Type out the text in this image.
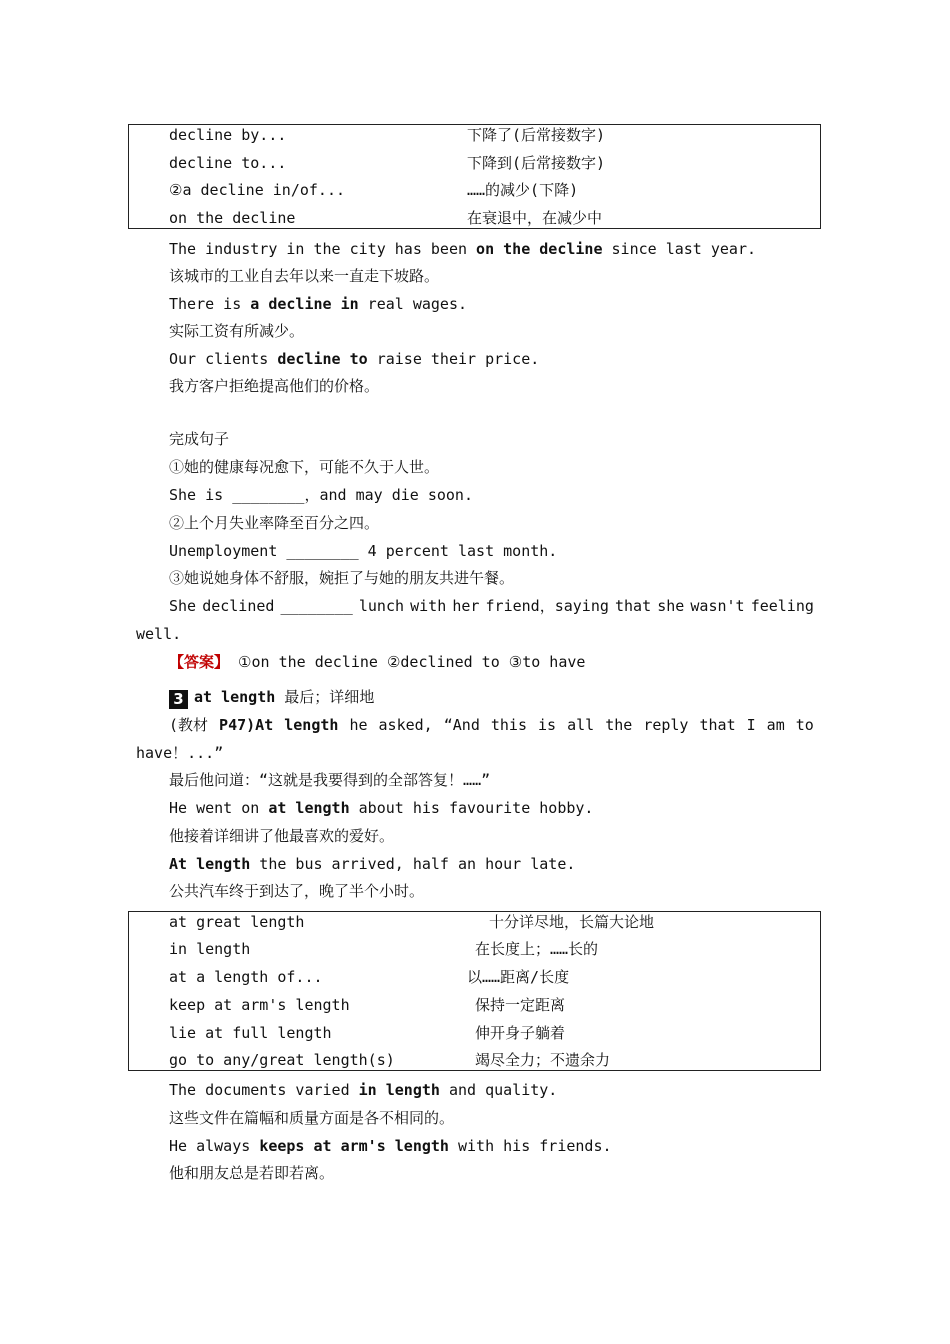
decline by...	下降了(后常接数字)
decline to...	下降到(后常接数字)
②a decline in/of...	……的减少(下降)
on the decline	在衰退中，在减少中
The industry in the city has been on the decline since last year.
该城市的工业自去年以来一直走下坡路。
There is a decline in real wages.
实际工资有所减少。
Our clients decline to raise their price.
我方客户拒绝提高他们的价格。
完成句子
①她的健康每况愈下，可能不久于人世。
She is ________，and may die soon.
②上个月失业率降至百分之四。
Unemployment ________ 4 percent last month.
③她说她身体不舒服，婉拒了与她的朋友共进午餐。
She declined ________ lunch with her friend，saying that she wasn't feeling
well.
【答案】 ①on the decline ②declined to ③to have
3 at length 最后；详细地
(教材 P47)At length he asked, “And this is all the reply that I am to
have！...”
最后他问道：“这就是我要得到的全部答复！……”
He went on at length about his favourite hobby.
他接着详细讲了他最喜欢的爱好。
At length the bus arrived, half an hour late.
公共汽车终于到达了，晚了半个小时。
at great length	十分详尽地，长篇大论地
in length	在长度上；……长的
at a length of...	以……距离/长度
keep at arm's length	保持一定距离
lie at full length	伸开身子躺着
go to any/great length(s)	竭尽全力；不遗余力
The documents varied in length and quality.
这些文件在篇幅和质量方面是各不相同的。
He always keeps at arm's length with his friends.
他和朋友总是若即若离。
